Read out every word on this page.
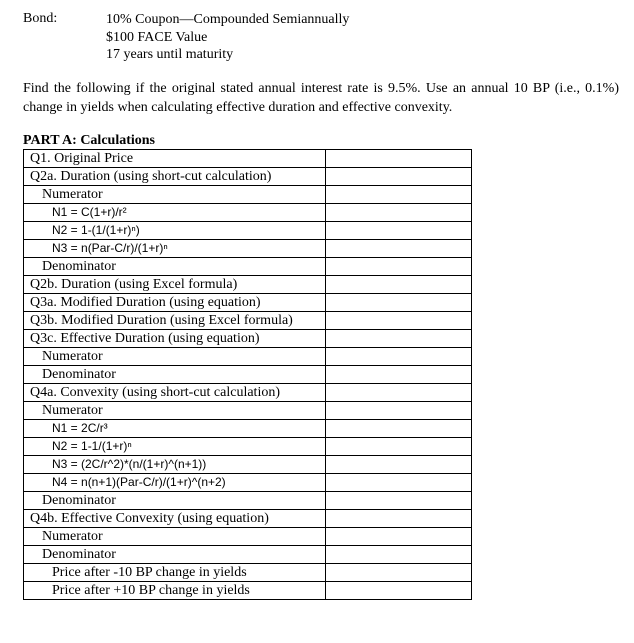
Bond:	10% Coupon—Compounded Semiannually
$100 FACE Value
17 years until maturity
Find the following if the original stated annual interest rate is 9.5%. Use an annual 10 BP (i.e., 0.1%) change in yields when calculating effective duration and effective convexity.
PART A: Calculations
Q1. Original Price	
Q2a. Duration (using short-cut calculation)	
Numerator	
N1 = C(1+r)/r²	
N2 = 1-(1/(1+r)ⁿ)	
N3 = n(Par-C/r)/(1+r)ⁿ	
Denominator	
Q2b. Duration (using Excel formula)	
Q3a. Modified Duration (using equation)	
Q3b. Modified Duration (using Excel formula)	
Q3c. Effective Duration (using equation)	
Numerator	
Denominator	
Q4a. Convexity (using short-cut calculation)	
Numerator	
N1 = 2C/r³	
N2 = 1-1/(1+r)ⁿ	
N3 = (2C/r^2)*(n/(1+r)^(n+1))	
N4 = n(n+1)(Par-C/r)/(1+r)^(n+2)	
Denominator	
Q4b. Effective Convexity (using equation)	
Numerator	
Denominator	
Price after -10 BP change in yields	
Price after +10 BP change in yields	
